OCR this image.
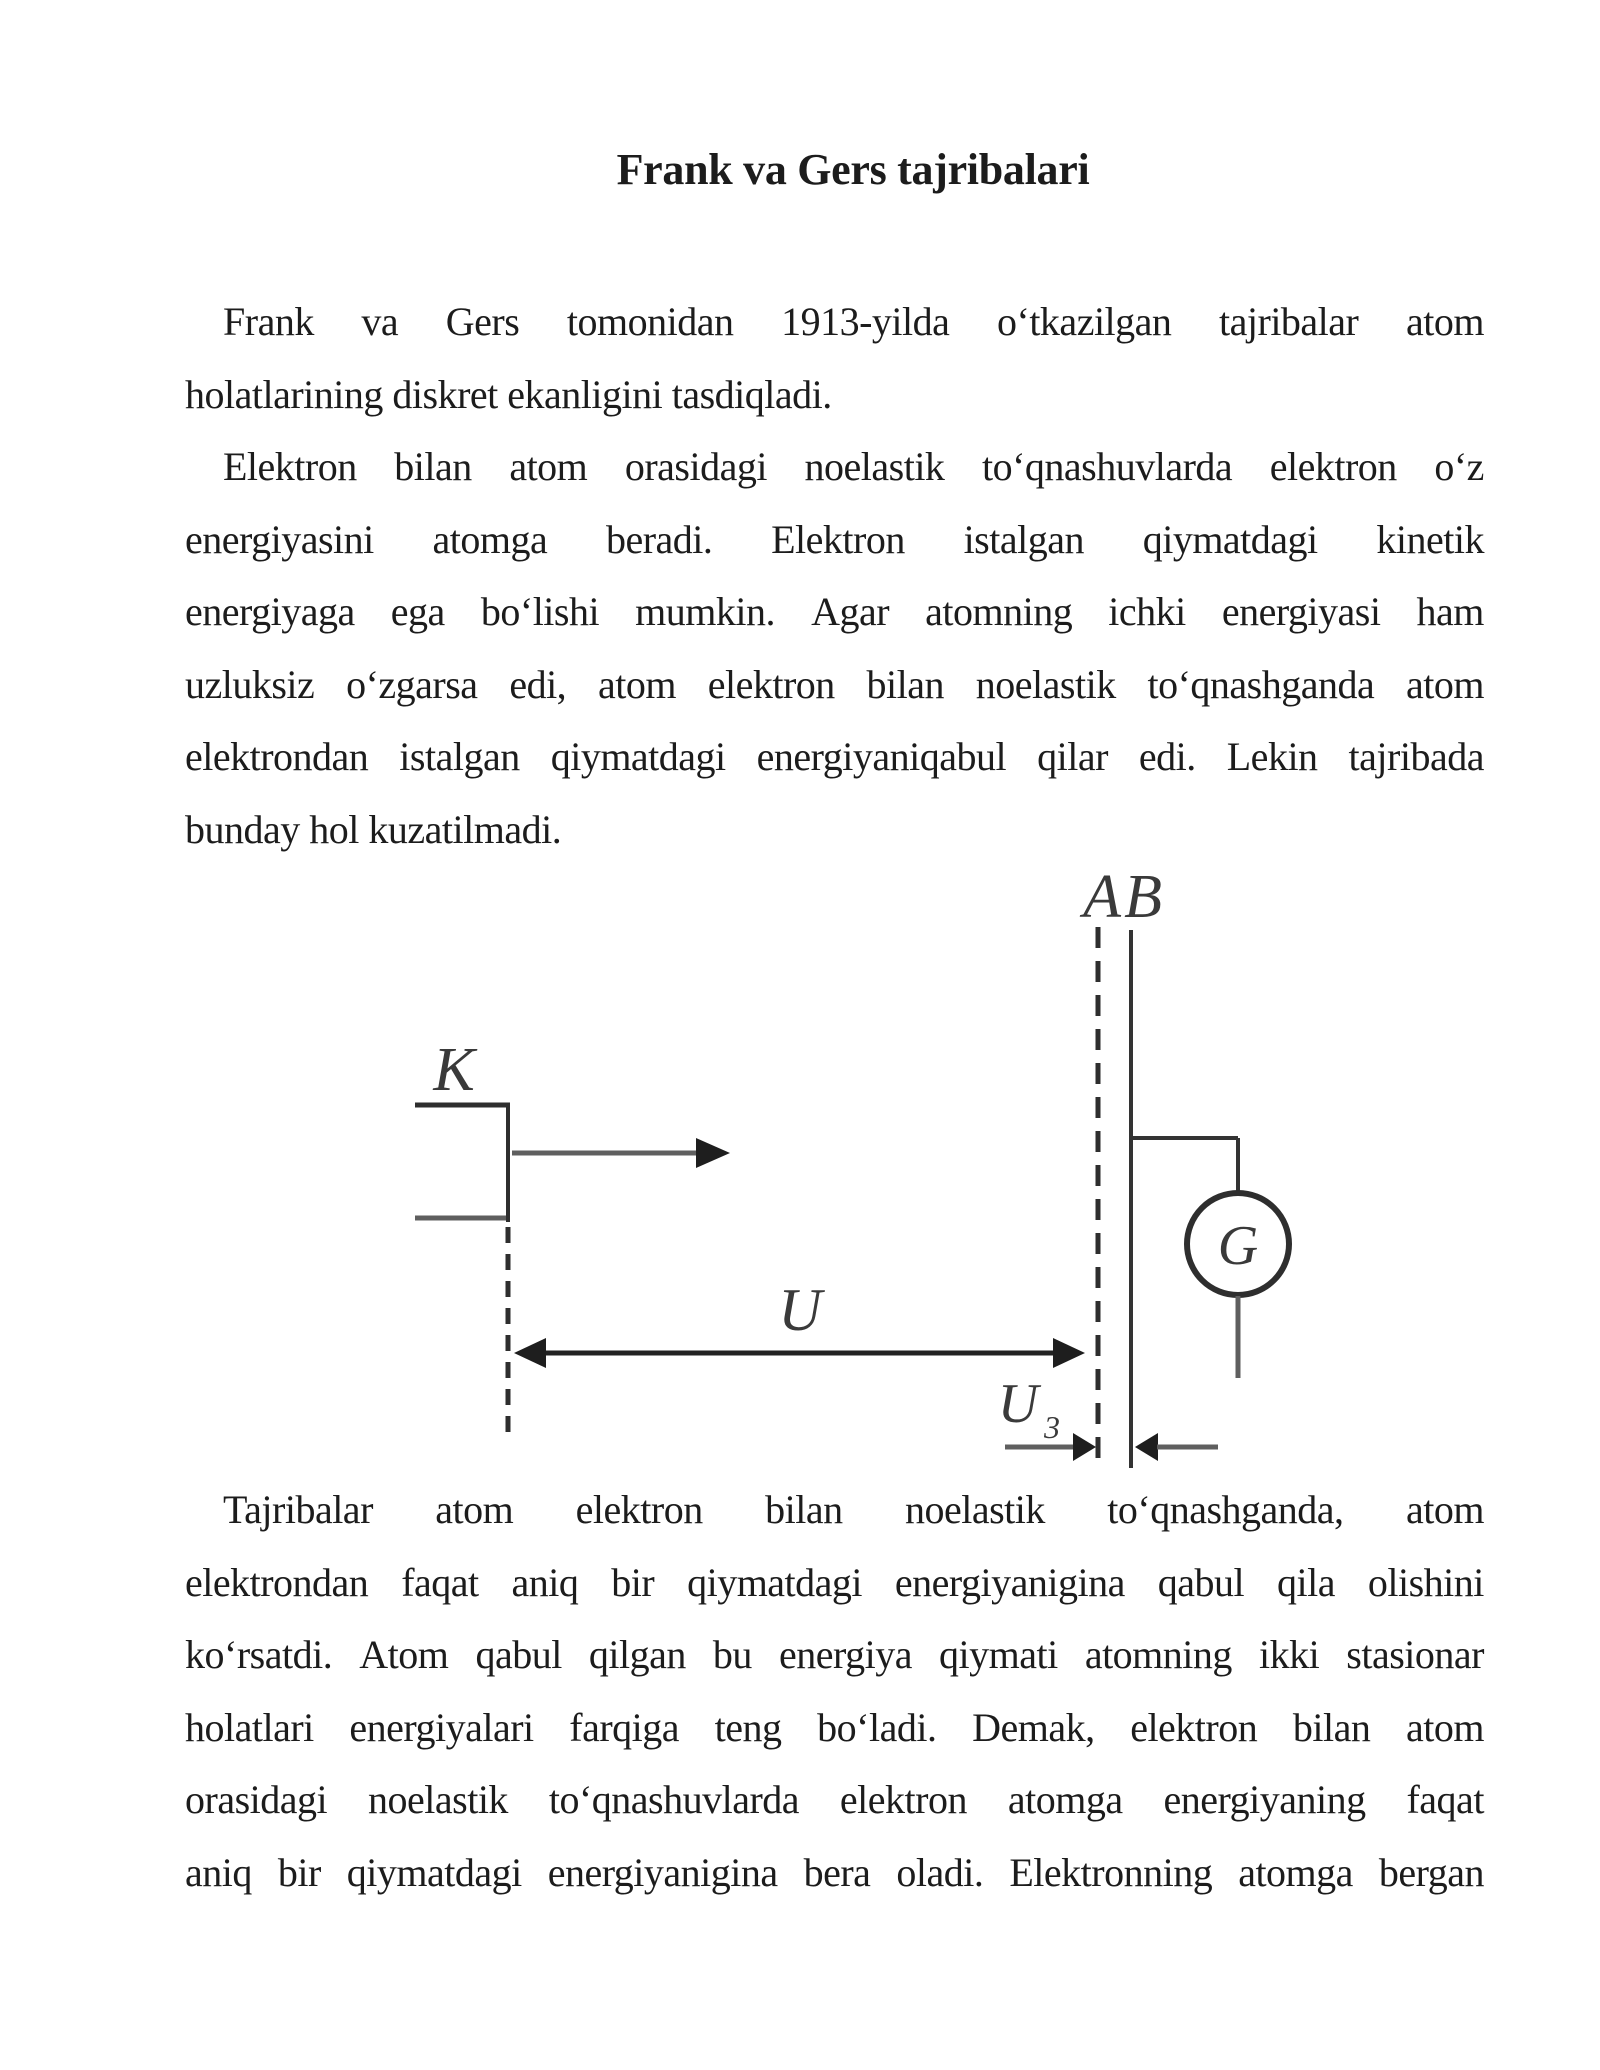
Frank va Gers tajribalari
Frank va Gers tomonidan 1913-yilda o‘tkazilgan tajribalar atom
holatlarining diskret ekanligini tasdiqladi.
Elektron bilan atom orasidagi noelastik to‘qnashuvlarda elektron o‘z
energiyasini atomga beradi. Elektron istalgan qiymatdagi kinetik
energiyaga ega bo‘lishi mumkin. Agar atomning ichki energiyasi ham
uzluksiz o‘zgarsa edi, atom elektron bilan noelastik to‘qnashganda atom
elektrondan istalgan qiymatdagi energiyaniqabul qilar edi. Lekin tajribada
bunday hol kuzatilmadi.
A B
K
U
U 3
G
Tajribalar atom elektron bilan noelastik to‘qnashganda, atom
elektrondan faqat aniq bir qiymatdagi energiyanigina qabul qila olishini
ko‘rsatdi. Atom qabul qilgan bu energiya qiymati atomning ikki stasionar
holatlari energiyalari farqiga teng bo‘ladi. Demak, elektron bilan atom
orasidagi noelastik to‘qnashuvlarda elektron atomga energiyaning faqat
aniq bir qiymatdagi energiyanigina bera oladi. Elektronning atomga bergan
